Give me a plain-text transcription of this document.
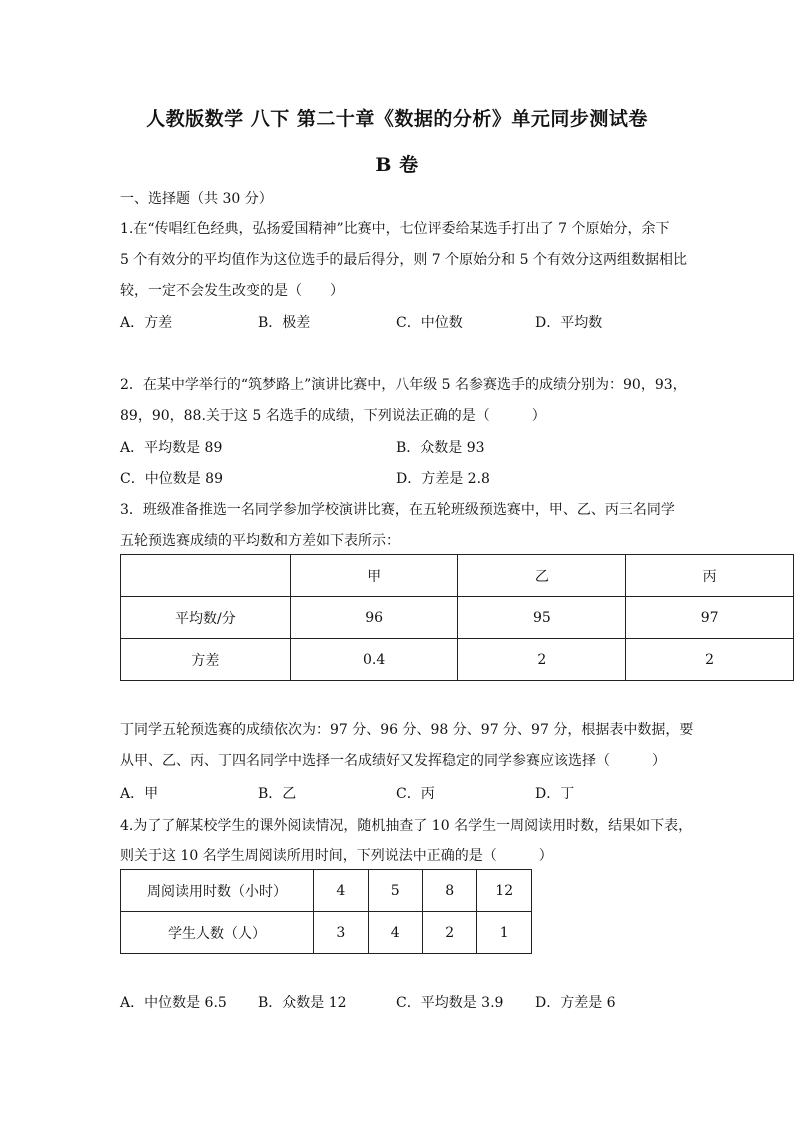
人教版数学 八下 第二十章《数据的分析》单元同步测试卷
B 卷
一、选择题（共 30 分）
1.在“传唱红色经典，弘扬爱国精神”比赛中，七位评委给某选手打出了 7 个原始分，余下
5 个有效分的平均值作为这位选手的最后得分，则 7 个原始分和 5 个有效分这两组数据相比
较，一定不会发生改变的是（　　）
A．方差	B．极差	C．中位数	D．平均数
2．在某中学举行的“筑梦路上”演讲比赛中，八年级 5 名参赛选手的成绩分别为：90，93，
89，90，88.关于这 5 名选手的成绩，下列说法正确的是（　　　）
A．平均数是 89	B．众数是 93
C．中位数是 89	D．方差是 2.8
3．班级准备推选一名同学参加学校演讲比赛，在五轮班级预选赛中，甲、乙、丙三名同学
五轮预选赛成绩的平均数和方差如下表所示：
	甲	乙	丙
平均数/分	96	95	97
方差	0.4	2	2
丁同学五轮预选赛的成绩依次为：97 分、96 分、98 分、97 分、97 分，根据表中数据，要
从甲、乙、丙、丁四名同学中选择一名成绩好又发挥稳定的同学参赛应该选择（　　　）
A．甲	B．乙	C．丙	D．丁
4.为了了解某校学生的课外阅读情况，随机抽查了 10 名学生一周阅读用时数，结果如下表，
则关于这 10 名学生周阅读所用时间，下列说法中正确的是（　　　）
周阅读用时数（小时）	4	5	8	12
学生人数（人）	3	4	2	1
A．中位数是 6.5 B．众数是 12	C．平均数是 3.9 D．方差是 6
